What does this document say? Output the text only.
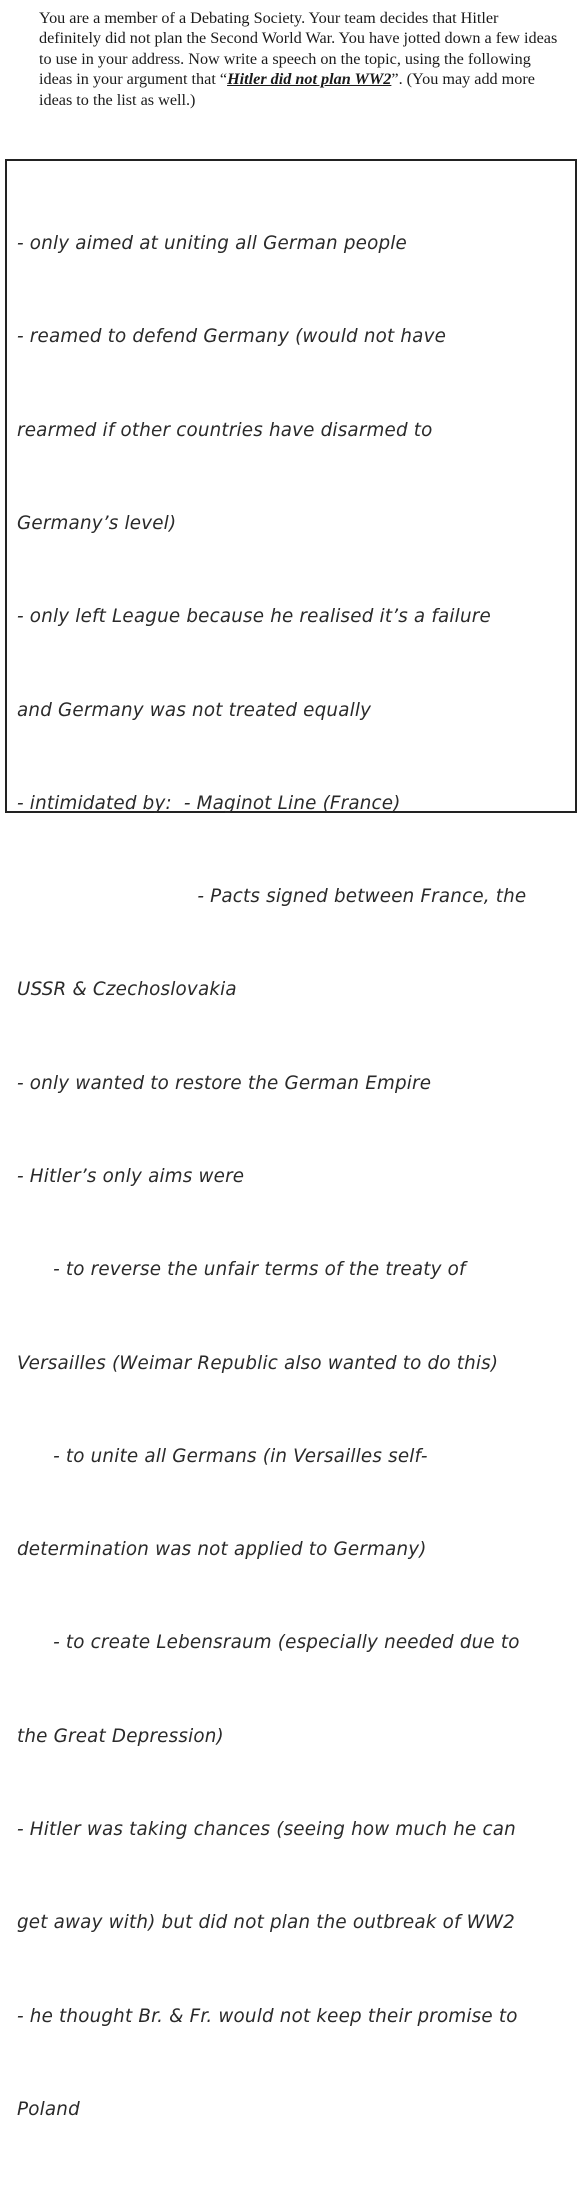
You are a member of a Debating Society. Your team decides that Hitler definitely did not plan the Second World War. You have jotted down a few ideas to use in your address. Now write a speech on the topic, using the following ideas in your argument that “Hitler did not plan WW2”. (You may add more ideas to the list as well.)

- only aimed at uniting all German people

- reamed to defend Germany (would not have

rearmed if other countries have disarmed to

Germany’s level)

- only left League because he realised it’s a failure

and Germany was not treated equally

- intimidated by:  - Maginot Line (France)

- Pacts signed between France, the

USSR & Czechoslovakia

- only wanted to restore the German Empire

- Hitler’s only aims were

- to reverse the unfair terms of the treaty of

Versailles (Weimar Republic also wanted to do this)

- to unite all Germans (in Versailles self-

determination was not applied to Germany)

- to create Lebensraum (especially needed due to

the Great Depression)

- Hitler was taking chances (seeing how much he can

get away with) but did not plan the outbreak of WW2

- he thought Br. & Fr. would not keep their promise to

Poland
